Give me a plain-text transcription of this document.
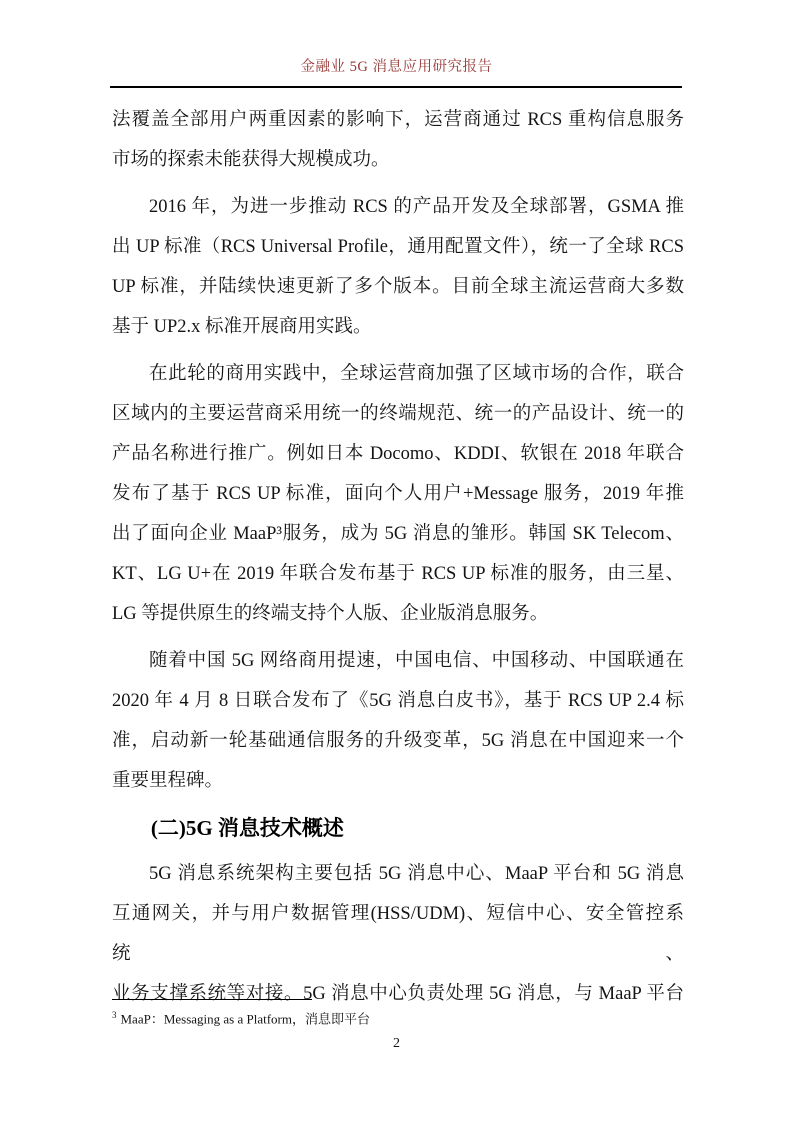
金融业 5G 消息应用研究报告
法覆盖全部用户两重因素的影响下，运营商通过 RCS 重构信息服务
市场的探索未能获得大规模成功。
2016 年，为进一步推动 RCS 的产品开发及全球部署，GSMA 推
出 UP 标准（RCS Universal Profile，通用配置文件），统一了全球 RCS
UP 标准，并陆续快速更新了多个版本。目前全球主流运营商大多数
基于 UP2.x 标准开展商用实践。
在此轮的商用实践中，全球运营商加强了区域市场的合作，联合
区域内的主要运营商采用统一的终端规范、统一的产品设计、统一的
产品名称进行推广。例如日本 Docomo、KDDI、软银在 2018 年联合
发布了基于 RCS UP 标准，面向个人用户+Message 服务，2019 年推
出了面向企业 MaaP³服务，成为 5G 消息的雏形。韩国 SK Telecom、
KT、LG U+在 2019 年联合发布基于 RCS UP 标准的服务，由三星、
LG 等提供原生的终端支持个人版、企业版消息服务。
随着中国 5G 网络商用提速，中国电信、中国移动、中国联通在
2020 年 4 月 8 日联合发布了《5G 消息白皮书》，基于 RCS UP 2.4 标
准，启动新一轮基础通信服务的升级变革，5G 消息在中国迎来一个
重要里程碑。
(二)5G 消息技术概述
5G 消息系统架构主要包括 5G 消息中心、MaaP 平台和 5G 消息
互通网关，并与用户数据管理(HSS/UDM)、短信中心、安全管控系统、
业务支撑系统等对接。5G 消息中心负责处理 5G 消息，与 MaaP 平台
$^3$ MaaP：Messaging as a Platform，消息即平台
2
